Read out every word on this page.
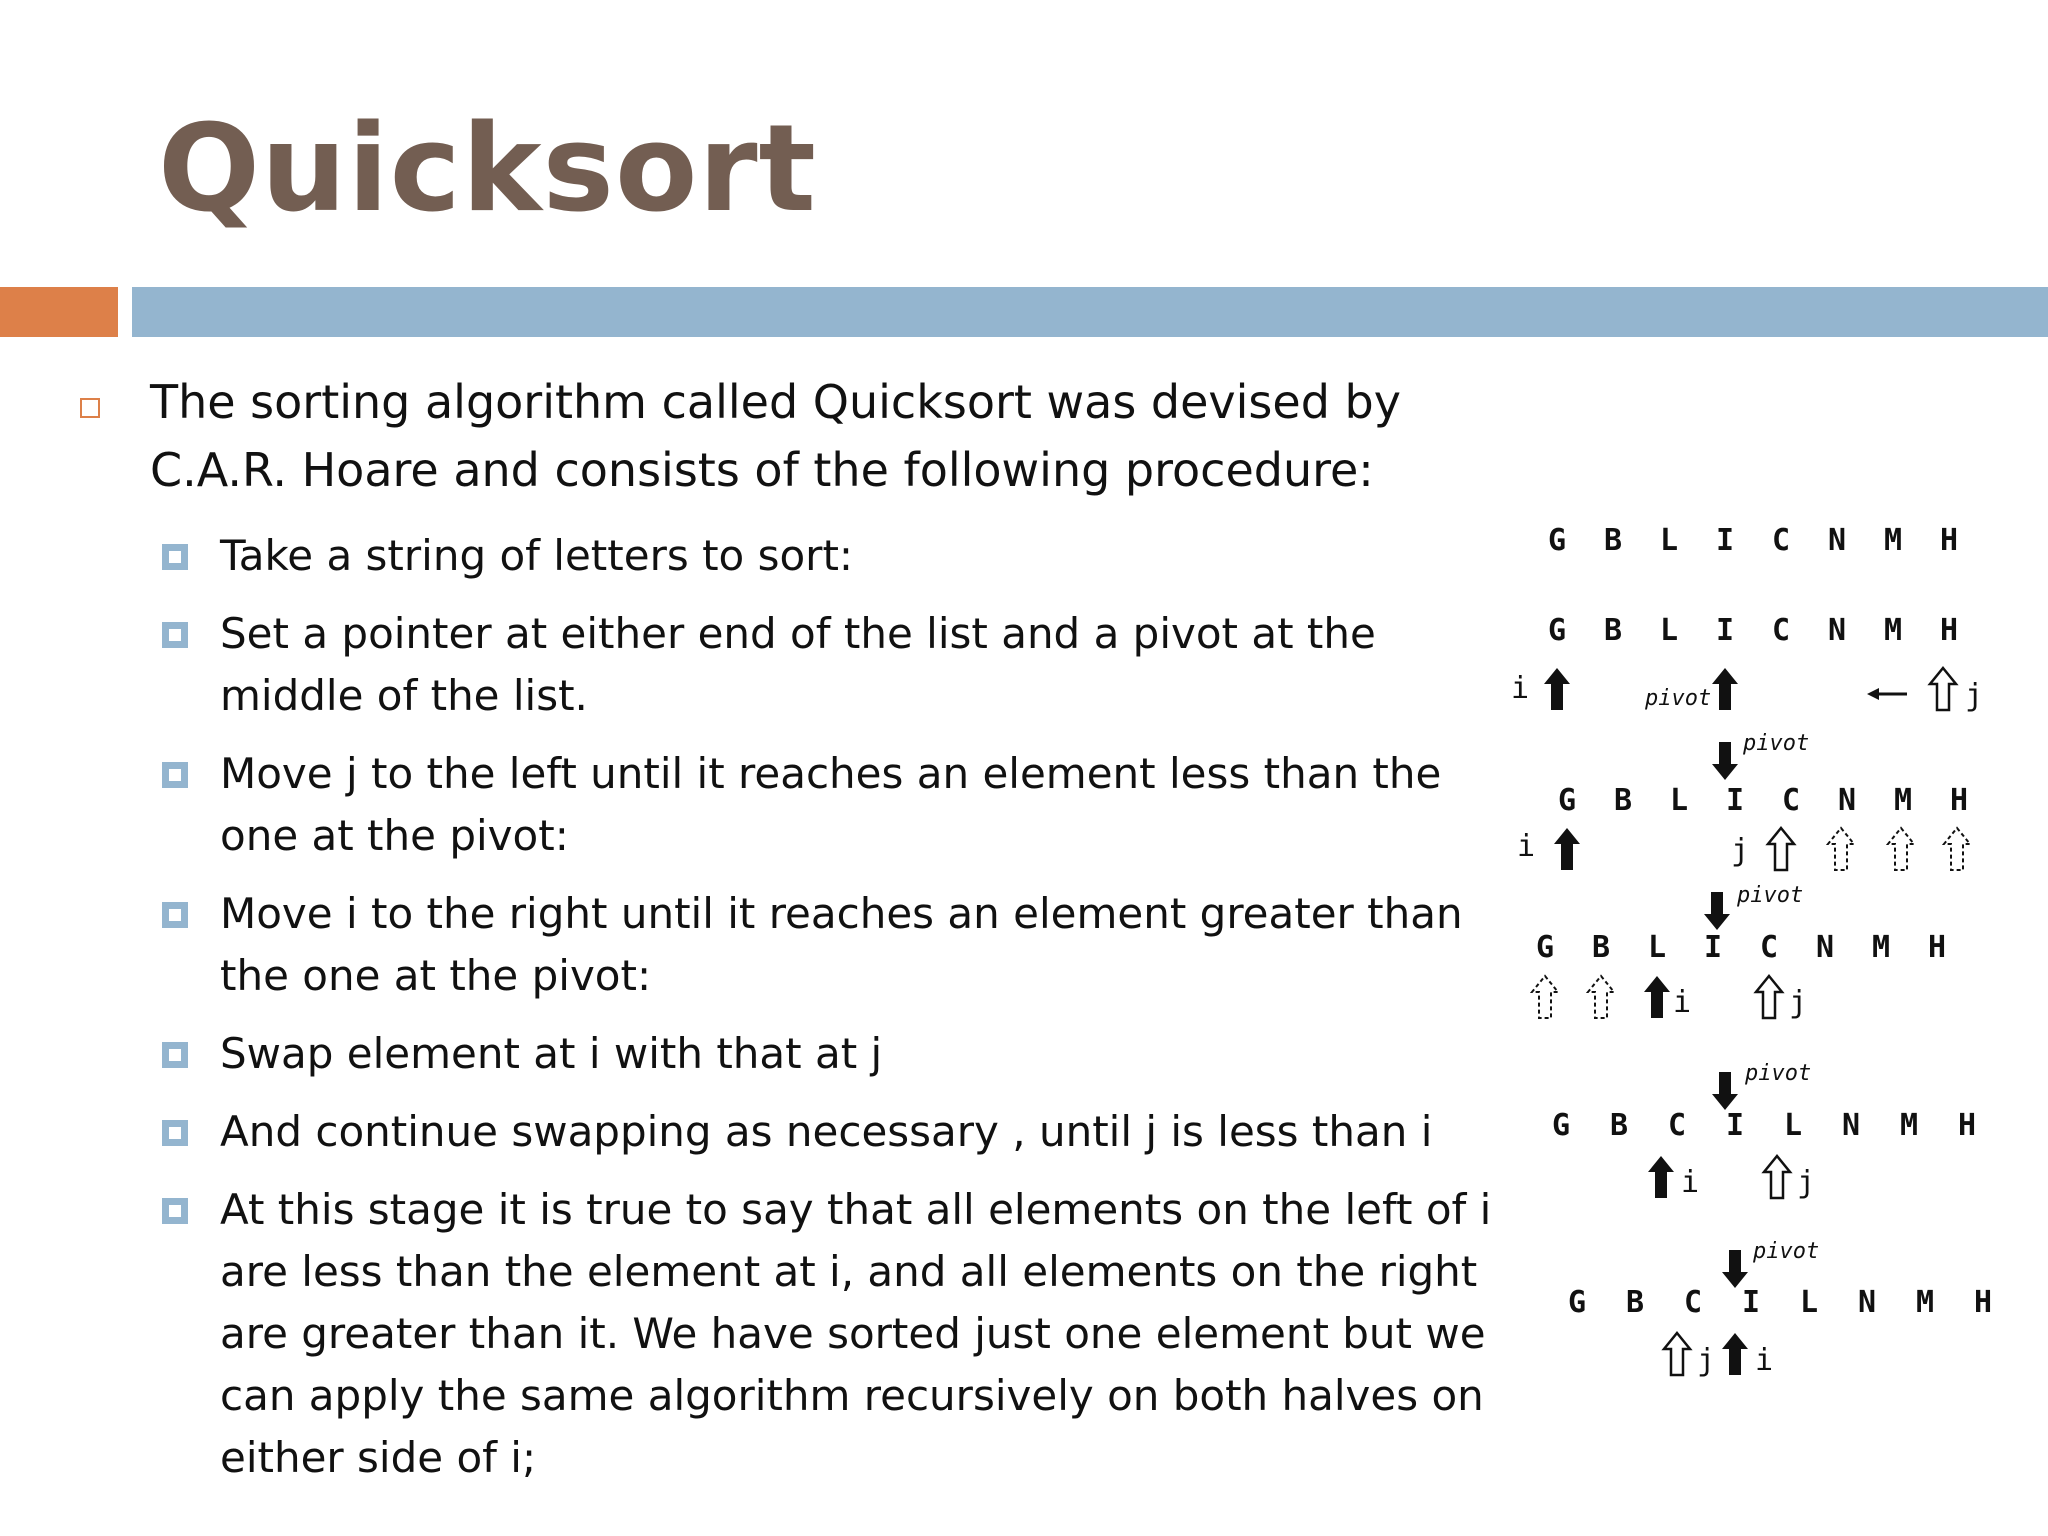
Quicksort
The sorting algorithm called Quicksort was devised by C.A.R. Hoare and consists of the following procedure:
Take a string of letters to sort:
Set a pointer at either end of the list and a pivot at the middle of the list.
Move j to the left until it reaches an element less than the one at the pivot:
Move i to the right until it reaches an element greater than the one at the pivot:
Swap element at i with that at j
And continue swapping as necessary , until j is less than i
At this stage it is true to say that all elements on the left of i are less than the element at i, and all elements on the right are greater than it. We have sorted just one element but we can apply the same algorithm recursively on both halves on either side of i;
G B L I C N M H
G B L I C N M H
G B L I C N M H
G B L I C N M H
G B C I L N M H
G B C I L N M H
i	pivot	j
pivot
i	j
pivot
i	j
pivot
i	j
pivot
j i
